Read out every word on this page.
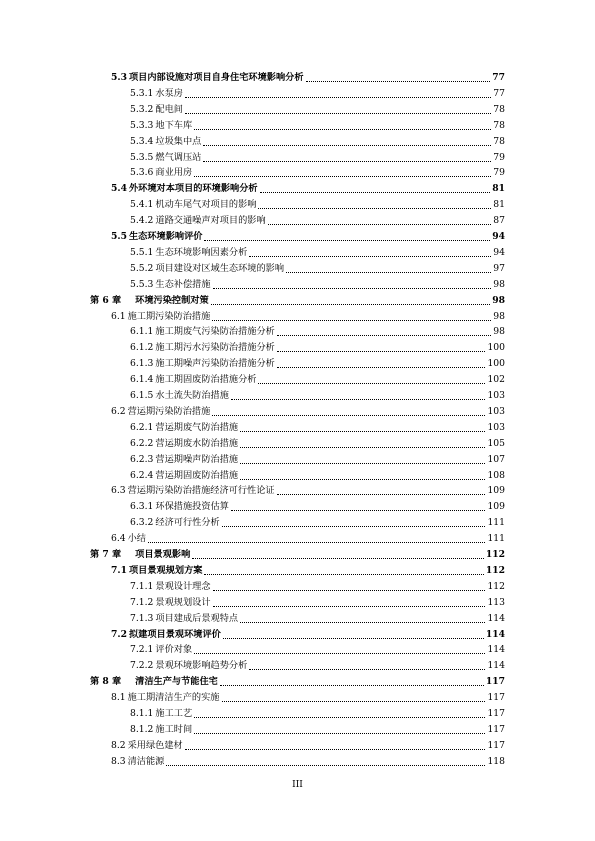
5.3 项目内部设施对项目自身住宅环境影响分析	77
5.3.1 水泵房	77
5.3.2 配电间	78
5.3.3 地下车库	78
5.3.4 垃圾集中点	78
5.3.5 燃气调压站	79
5.3.6 商业用房	79
5.4 外环境对本项目的环境影响分析	81
5.4.1 机动车尾气对项目的影响	81
5.4.2 道路交通噪声对项目的影响	87
5.5 生态环境影响评价	94
5.5.1 生态环境影响因素分析	94
5.5.2 项目建设对区域生态环境的影响	97
5.5.3 生态补偿措施	98
第 6 章 环境污染控制对策	98
6.1 施工期污染防治措施	98
6.1.1 施工期废气污染防治措施分析	98
6.1.2 施工期污水污染防治措施分析	100
6.1.3 施工期噪声污染防治措施分析	100
6.1.4 施工期固废防治措施分析	102
6.1.5 水土流失防治措施	103
6.2 营运期污染防治措施	103
6.2.1 营运期废气防治措施	103
6.2.2 营运期废水防治措施	105
6.2.3 营运期噪声防治措施	107
6.2.4 营运期固废防治措施	108
6.3 营运期污染防治措施经济可行性论证	109
6.3.1 环保措施投资估算	109
6.3.2 经济可行性分析	111
6.4 小结	111
第 7 章 项目景观影响	112
7.1 项目景观规划方案	112
7.1.1 景观设计理念	112
7.1.2 景观规划设计	113
7.1.3 项目建成后景观特点	114
7.2 拟建项目景观环境评价	114
7.2.1 评价对象	114
7.2.2 景观环境影响趋势分析	114
第 8 章 清洁生产与节能住宅	117
8.1 施工期清洁生产的实施	117
8.1.1 施工工艺	117
8.1.2 施工时间	117
8.2 采用绿色建材	117
8.3 清洁能源	118
III
